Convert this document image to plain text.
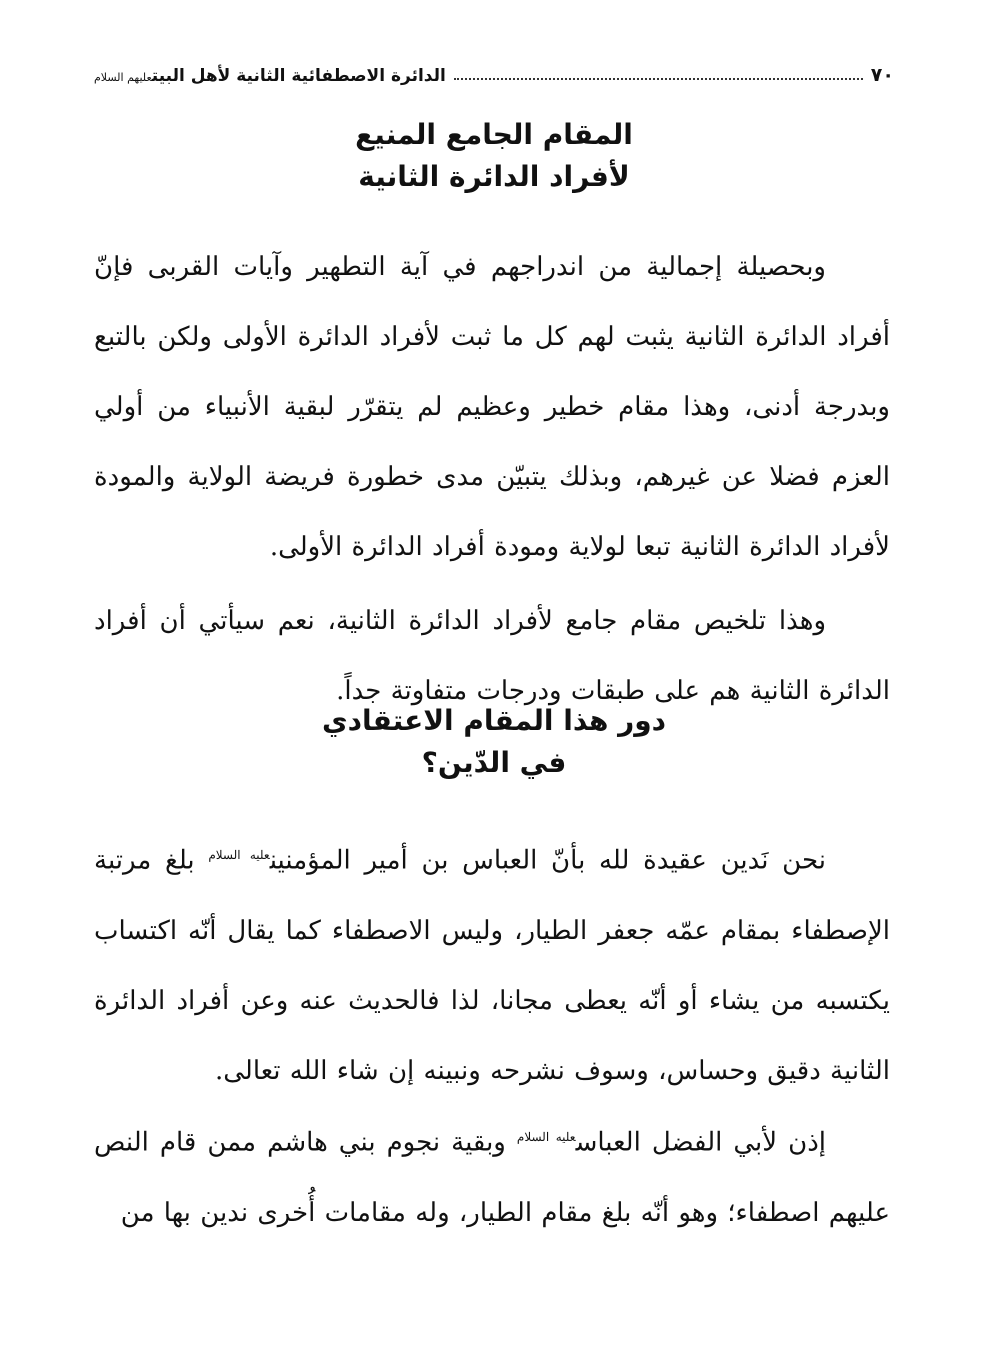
٧٠
الدائرة الاصطفائية الثانية لأهل البيتعليهم السلام
المقام الجامع المنيع
لأفراد الدائرة الثانية

وبحصيلة إجمالية من اندراجهم في آية التطهير وآيات القربى فإنّ أفراد الدائرة الثانية يثبت لهم كل ما ثبت لأفراد الدائرة الأولى ولكن بالتبع وبدرجة أدنى، وهذا مقام خطير وعظيم لم يتقرّر لبقية الأنبياء من أولي العزم فضلا عن غيرهم، وبذلك يتبيّن مدى خطورة فريضة الولاية والمودة لأفراد الدائرة الثانية تبعا لولاية ومودة أفراد الدائرة الأولى.

وهذا تلخيص مقام جامع لأفراد الدائرة الثانية، نعم سيأتي أن أفراد الدائرة الثانية هم على طبقات ودرجات متفاوتة جداً.

دور هذا المقام الاعتقادي
في الدّين؟

نحن نَدين عقيدة لله بأنّ العباس بن أمير المؤمنين$^{عليه السلام}$ بلغ مرتبة الإصطفاء بمقام عمّه جعفر الطيار، وليس الاصطفاء كما يقال أنّه اكتساب يكتسبه من يشاء أو أنّه يعطى مجانا، لذا فالحديث عنه وعن أفراد الدائرة الثانية دقيق وحساس، وسوف نشرحه ونبينه إن شاء الله تعالى.

إذن لأبي الفضل العباس$^{عليه السلام}$ وبقية نجوم بني هاشم ممن قام النص عليهم اصطفاء؛ وهو أنّه بلغ مقام الطيار، وله مقامات أُخرى ندين بها من
